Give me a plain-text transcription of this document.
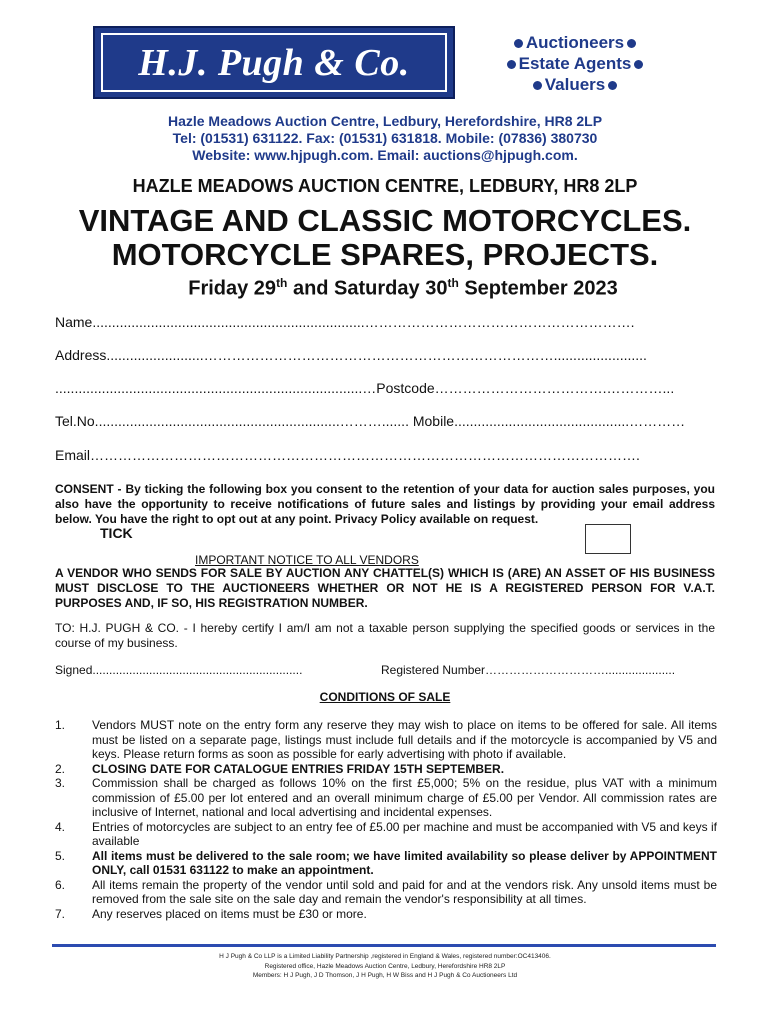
H.J. Pugh & Co.	Auctioneers
Estate Agents
Valuers
Hazle Meadows Auction Centre, Ledbury, Herefordshire, HR8 2LP
Tel: (01531) 631122. Fax: (01531) 631818. Mobile: (07836) 380730
Website: www.hjpugh.com. Email: auctions@hjpugh.com.
HAZLE MEADOWS AUCTION CENTRE, LEDBURY, HR8 2LP
VINTAGE AND CLASSIC MOTORCYCLES.
MOTORCYCLE SPARES, PROJECTS.
Friday 29th and Saturday 30th September 2023
Name......................................................................………………………………………………….
Address.........................…………………………………………………………………........................
...............................................................................…Postcode……………………………….…………...
Tel.No...............................................................………....... Mobile.............................................…………
Email……………………………………………………………………………………………………….
CONSENT - By ticking the following box you consent to the retention of your data for auction sales purposes, you also have the opportunity to receive notifications of future sales and listings by providing your email address below. You have the right to opt out at any point. Privacy Policy available on request.
TICK
IMPORTANT NOTICE TO ALL VENDORS
A VENDOR WHO SENDS FOR SALE BY AUCTION ANY CHATTEL(S) WHICH IS (ARE) AN ASSET OF HIS BUSINESS MUST DISCLOSE TO THE AUCTIONEERS WHETHER OR NOT HE IS A REGISTERED PERSON FOR V.A.T. PURPOSES AND, IF SO, HIS REGISTRATION NUMBER.
TO: H.J. PUGH & CO. - I hereby certify I am/I am not a taxable person supplying the specified goods or services in the course of my business.
Signed...............................................................	Registered Number………………………….....................
CONDITIONS OF SALE
1.	Vendors MUST note on the entry form any reserve they may wish to place on items to be offered for sale. All items must be listed on a separate page, listings must include full details and if the motorcycle is accompanied by V5 and keys. Please return forms as soon as possible for early advertising with photo if available.
2.	CLOSING DATE FOR CATALOGUE ENTRIES FRIDAY 15TH SEPTEMBER.
3.	Commission shall be charged as follows 10% on the first £5,000; 5% on the residue, plus VAT with a minimum commission of £5.00 per lot entered and an overall minimum charge of £5.00 per Vendor. All commission rates are inclusive of Internet, national and local advertising and incidental expenses.
4.	Entries of motorcycles are subject to an entry fee of £5.00 per machine and must be accompanied with V5 and keys if available
5.	All items must be delivered to the sale room; we have limited availability so please deliver by APPOINTMENT ONLY, call 01531 631122 to make an appointment.
6.	All items remain the property of the vendor until sold and paid for and at the vendors risk. Any unsold items must be removed from the sale site on the sale day and remain the vendor's responsibility at all times.
7.	Any reserves placed on items must be £30 or more.
H J Pugh & Co LLP is a Limited Liability Partnership ,registered in England & Wales, registered number:OC413406.
Registered office, Hazle Meadows Auction Centre, Ledbury, Herefordshire HR8 2LP
Members: H J Pugh, J D Thomson, J H Pugh, H W Biss and H J Pugh & Co Auctioneers Ltd
